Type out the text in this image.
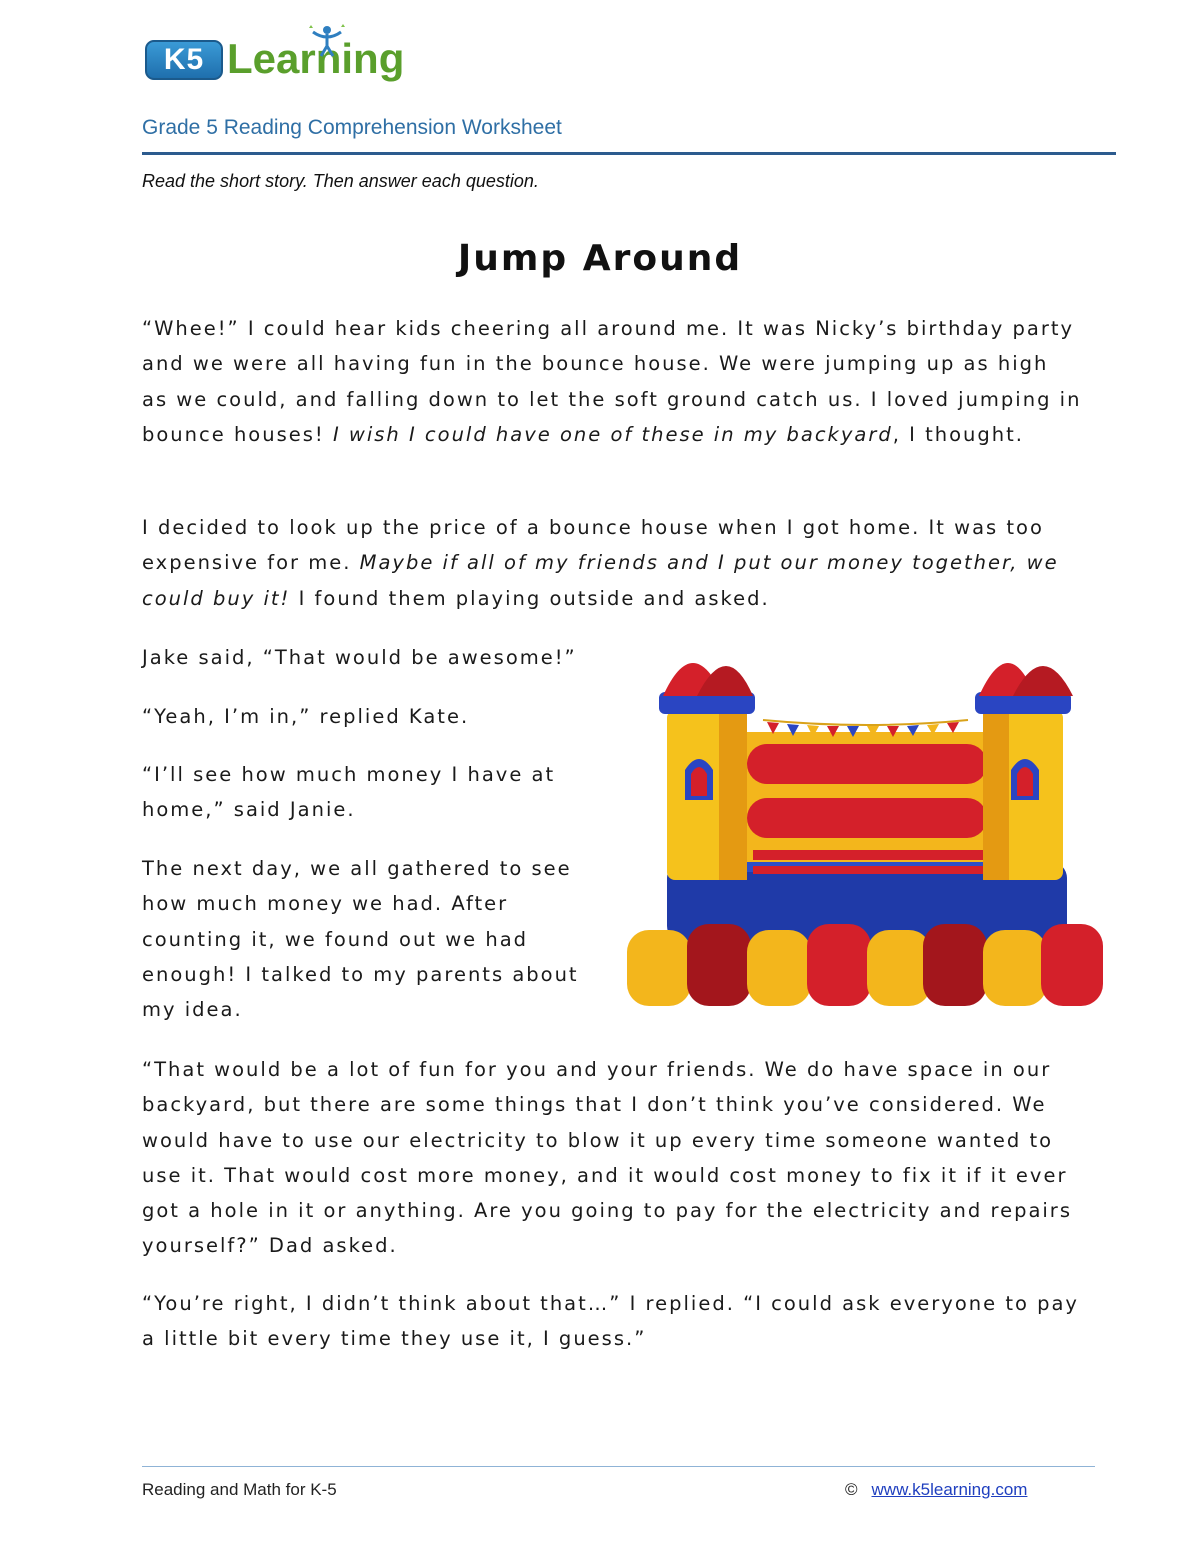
K5 Learning
Grade 5 Reading Comprehension Worksheet
Read the short story. Then answer each question.
Jump Around
“Whee!” I could hear kids cheering all around me. It was Nicky’s birthday party and we were all having fun in the bounce house. We were jumping up as high as we could, and falling down to let the soft ground catch us. I loved jumping in bounce houses! I wish I could have one of these in my backyard, I thought.
I decided to look up the price of a bounce house when I got home. It was too expensive for me. Maybe if all of my friends and I put our money together, we could buy it! I found them playing outside and asked.
Jake said, “That would be awesome!”
“Yeah, I’m in,” replied Kate.
“I’ll see how much money I have at home,” said Janie.
The next day, we all gathered to see how much money we had. After counting it, we found out we had enough! I talked to my parents about my idea.
“That would be a lot of fun for you and your friends. We do have space in our backyard, but there are some things that I don’t think you’ve considered. We would have to use our electricity to blow it up every time someone wanted to use it. That would cost more money, and it would cost money to fix it if it ever got a hole in it or anything. Are you going to pay for the electricity and repairs yourself?” Dad asked.
“You’re right, I didn’t think about that…” I replied. “I could ask everyone to pay a little bit every time they use it, I guess.”
Reading and Math for K-5	© www.k5learning.com
